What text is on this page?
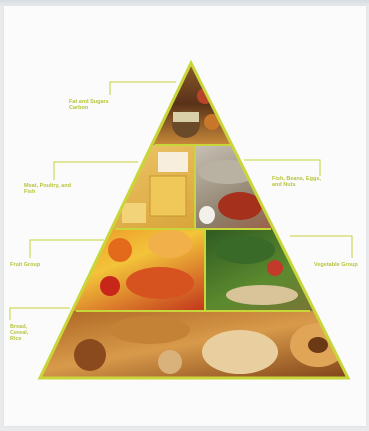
Fat and Sugars
Carbon
Meat, Poultry, and
Fish
Fish, Beans, Eggs,
and Nuts
Fruit Group	Vegetable Group
Bread,
Cereal,
Rice
